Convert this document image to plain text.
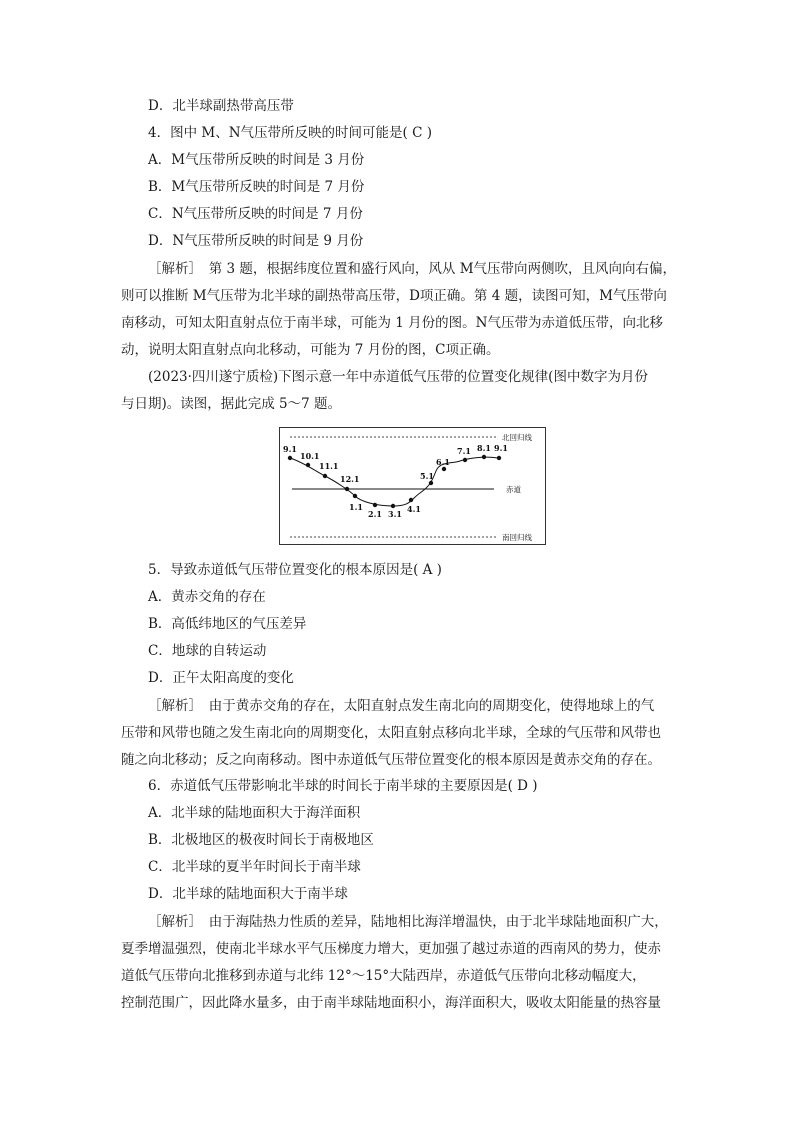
D．北半球副热带高压带
4．图中 M、N气压带所反映的时间可能是( C )
A．M气压带所反映的时间是 3 月份
B．M气压带所反映的时间是 7 月份
C．N气压带所反映的时间是 7 月份
D．N气压带所反映的时间是 9 月份
［解析］　第 3 题，根据纬度位置和盛行风向，风从 M气压带向两侧吹，且风向向右偏，
则可以推断 M气压带为北半球的副热带高压带，D项正确。第 4 题，读图可知，M气压带向
南移动，可知太阳直射点位于南半球，可能为 1 月份的图。N气压带为赤道低压带，向北移
动，说明太阳直射点向北移动，可能为 7 月份的图，C项正确。
(2023·四川遂宁质检)下图示意一年中赤道低气压带的位置变化规律(图中数字为月份
与日期)。读图，据此完成 5～7 题。
北回归线
赤道
南回归线
9.1
10.1
11.1
12.1
1.1
2.1 3.1 4.1
5.1
6.1
7.1 8.1 9.1
5．导致赤道低气压带位置变化的根本原因是( A )
A．黄赤交角的存在
B．高低纬地区的气压差异
C．地球的自转运动
D．正午太阳高度的变化
［解析］　由于黄赤交角的存在，太阳直射点发生南北向的周期变化，使得地球上的气
压带和风带也随之发生南北向的周期变化，太阳直射点移向北半球，全球的气压带和风带也
随之向北移动；反之向南移动。图中赤道低气压带位置变化的根本原因是黄赤交角的存在。
6．赤道低气压带影响北半球的时间长于南半球的主要原因是( D )
A．北半球的陆地面积大于海洋面积
B．北极地区的极夜时间长于南极地区
C．北半球的夏半年时间长于南半球
D．北半球的陆地面积大于南半球
［解析］　由于海陆热力性质的差异，陆地相比海洋增温快，由于北半球陆地面积广大，
夏季增温强烈，使南北半球水平气压梯度力增大，更加强了越过赤道的西南风的势力，使赤
道低气压带向北推移到赤道与北纬 12°～15°大陆西岸，赤道低气压带向北移动幅度大，
控制范围广，因此降水量多，由于南半球陆地面积小，海洋面积大，吸收太阳能量的热容量
